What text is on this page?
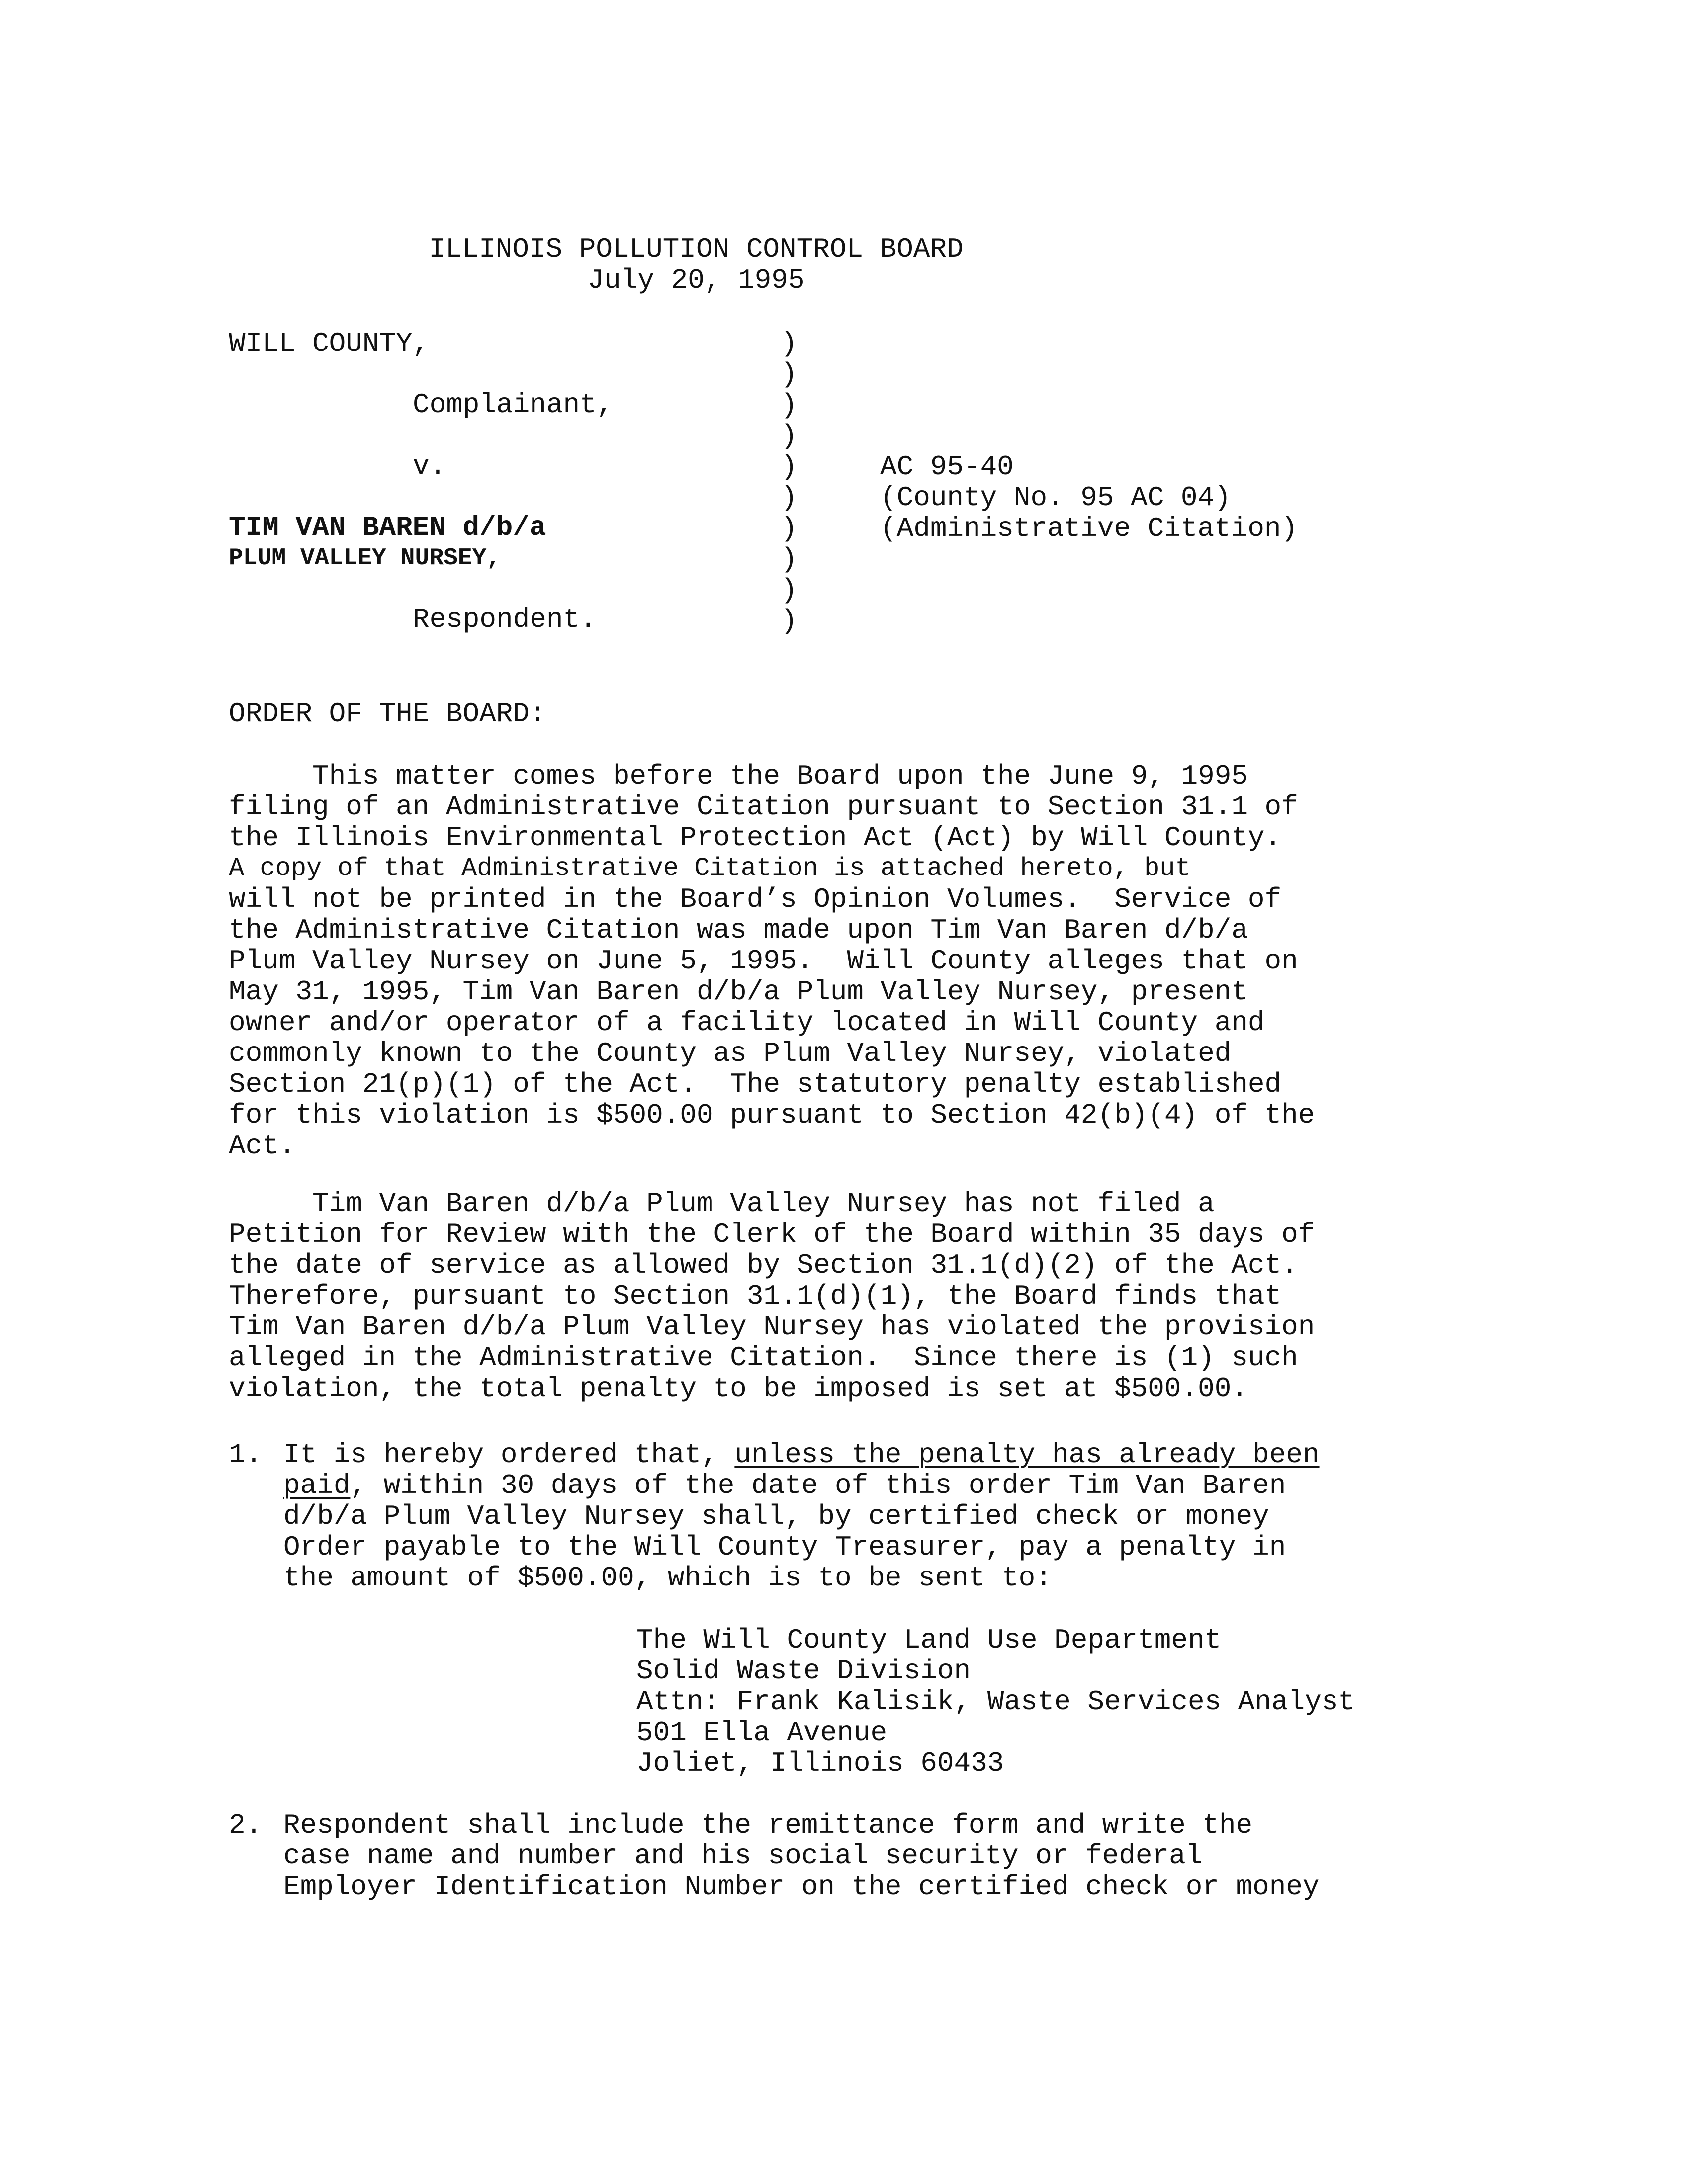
ILLINOIS POLLUTION CONTROL BOARD
July 20, 1995
WILL COUNTY,
Complainant,
v.
TIM VAN BAREN d/b/a
PLUM VALLEY NURSEY,
Respondent.
)
)
)
)
)
)
)
)
)
)
AC 95-40
(County No. 95 AC 04)
(Administrative Citation)
ORDER OF THE BOARD:
This matter comes before the Board upon the June 9, 1995
filing of an Administrative Citation pursuant to Section 31.1 of
the Illinois Environmental Protection Act (Act) by Will County.
A copy of that Administrative Citation is attached hereto, but
will not be printed in the Board’s Opinion Volumes.  Service of
the Administrative Citation was made upon Tim Van Baren d/b/a
Plum Valley Nursey on June 5, 1995.  Will County alleges that on
May 31, 1995, Tim Van Baren d/b/a Plum Valley Nursey, present
owner and/or operator of a facility located in Will County and
commonly known to the County as Plum Valley Nursey, violated
Section 21(p)(1) of the Act.  The statutory penalty established
for this violation is $500.00 pursuant to Section 42(b)(4) of the
Act.
Tim Van Baren d/b/a Plum Valley Nursey has not filed a
Petition for Review with the Clerk of the Board within 35 days of
the date of service as allowed by Section 31.1(d)(2) of the Act.
Therefore, pursuant to Section 31.1(d)(1), the Board finds that
Tim Van Baren d/b/a Plum Valley Nursey has violated the provision
alleged in the Administrative Citation.  Since there is (1) such
violation, the total penalty to be imposed is set at $500.00.
1. It is hereby ordered that, unless the penalty has already been
paid, within 30 days of the date of this order Tim Van Baren
d/b/a Plum Valley Nursey shall, by certified check or money
Order payable to the Will County Treasurer, pay a penalty in
the amount of $500.00, which is to be sent to:
The Will County Land Use Department
Solid Waste Division
Attn: Frank Kalisik, Waste Services Analyst
501 Ella Avenue
Joliet, Illinois 60433
2. Respondent shall include the remittance form and write the
case name and number and his social security or federal
Employer Identification Number on the certified check or money
